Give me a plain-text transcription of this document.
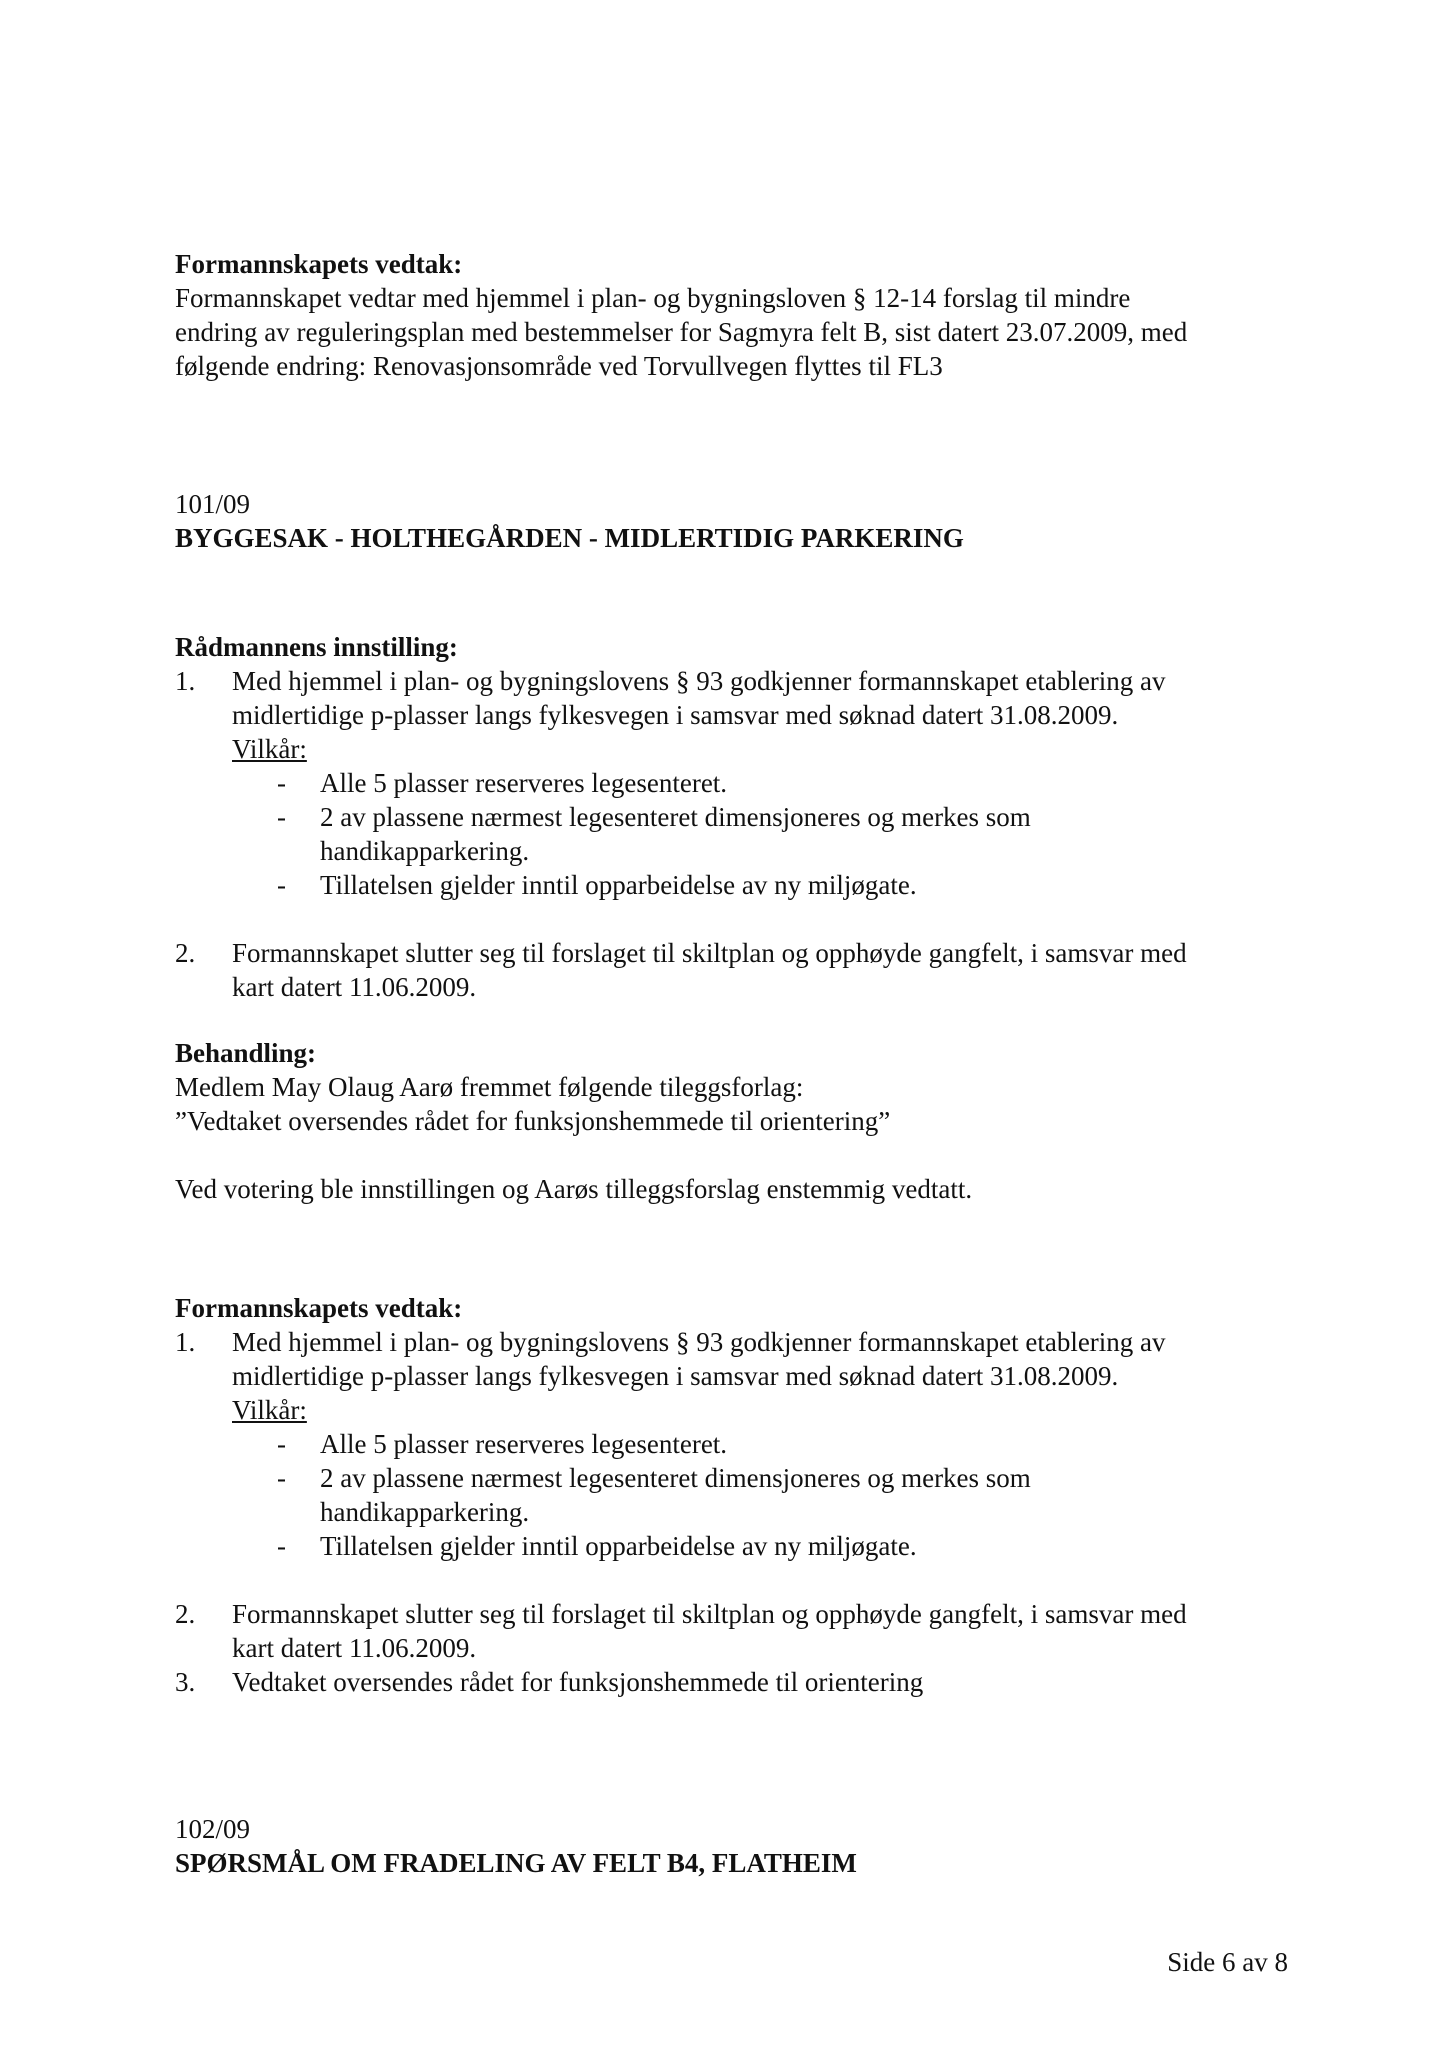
Formannskapets vedtak:
Formannskapet vedtar med hjemmel i plan- og bygningsloven § 12-14 forslag til mindre
endring av reguleringsplan med bestemmelser for Sagmyra felt B, sist datert 23.07.2009, med
følgende endring: Renovasjonsområde ved Torvullvegen flyttes til FL3
101/09
BYGGESAK - HOLTHEGÅRDEN - MIDLERTIDIG PARKERING
Rådmannens innstilling:
1. Med hjemmel i plan- og bygningslovens § 93 godkjenner formannskapet etablering av
midlertidige p-plasser langs fylkesvegen i samsvar med søknad datert 31.08.2009.
Vilkår:
- Alle 5 plasser reserveres legesenteret.
- 2 av plassene nærmest legesenteret dimensjoneres og merkes som
handikapparkering.
- Tillatelsen gjelder inntil opparbeidelse av ny miljøgate.
2. Formannskapet slutter seg til forslaget til skiltplan og opphøyde gangfelt, i samsvar med
kart datert 11.06.2009.
Behandling:
Medlem May Olaug Aarø fremmet følgende tileggsforlag:
”Vedtaket oversendes rådet for funksjonshemmede til orientering”
Ved votering ble innstillingen og Aarøs tilleggsforslag enstemmig vedtatt.
Formannskapets vedtak:
1. Med hjemmel i plan- og bygningslovens § 93 godkjenner formannskapet etablering av
midlertidige p-plasser langs fylkesvegen i samsvar med søknad datert 31.08.2009.
Vilkår:
- Alle 5 plasser reserveres legesenteret.
- 2 av plassene nærmest legesenteret dimensjoneres og merkes som
handikapparkering.
- Tillatelsen gjelder inntil opparbeidelse av ny miljøgate.
2. Formannskapet slutter seg til forslaget til skiltplan og opphøyde gangfelt, i samsvar med
kart datert 11.06.2009.
3. Vedtaket oversendes rådet for funksjonshemmede til orientering
102/09
SPØRSMÅL OM FRADELING AV FELT B4, FLATHEIM
Side 6 av 8
